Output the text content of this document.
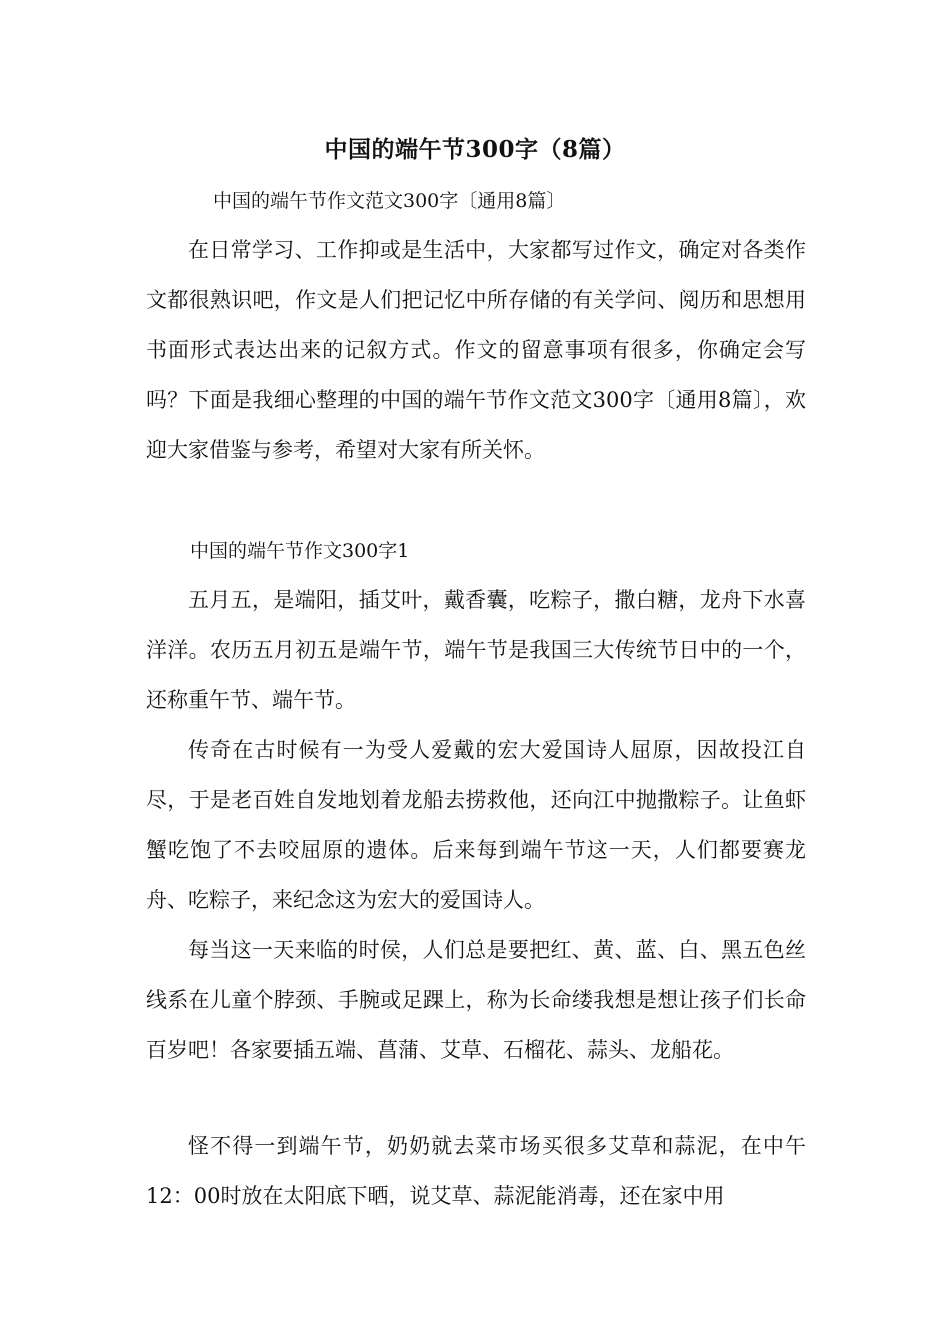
中国的端午节300字（8篇）
中国的端午节作文范文300字〔通用8篇〕

在日常学习、工作抑或是生活中，大家都写过作文，确定对各类作文都很熟识吧，作文是人们把记忆中所存储的有关学问、阅历和思想用书面形式表达出来的记叙方式。作文的留意事项有很多，你确定会写吗？下面是我细心整理的中国的端午节作文范文300字〔通用8篇〕，欢迎大家借鉴与参考，希望对大家有所关怀。

中国的端午节作文300字1

五月五，是端阳，插艾叶，戴香囊，吃粽子，撒白糖，龙舟下水喜洋洋。农历五月初五是端午节，端午节是我国三大传统节日中的一个，还称重午节、端午节。

传奇在古时候有一为受人爱戴的宏大爱国诗人屈原，因故投江自尽，于是老百姓自发地划着龙船去捞救他，还向江中抛撒粽子。让鱼虾蟹吃饱了不去咬屈原的遗体。后来每到端午节这一天，人们都要赛龙舟、吃粽子，来纪念这为宏大的爱国诗人。

每当这一天来临的时侯，人们总是要把红、黄、蓝、白、黑五色丝线系在儿童个脖颈、手腕或足踝上，称为长命缕我想是想让孩子们长命百岁吧！各家要插五端、菖蒲、艾草、石榴花、蒜头、龙船花。

怪不得一到端午节，奶奶就去菜市场买很多艾草和蒜泥，在中午12：00时放在太阳底下晒，说艾草、蒜泥能消毒，还在家中用
